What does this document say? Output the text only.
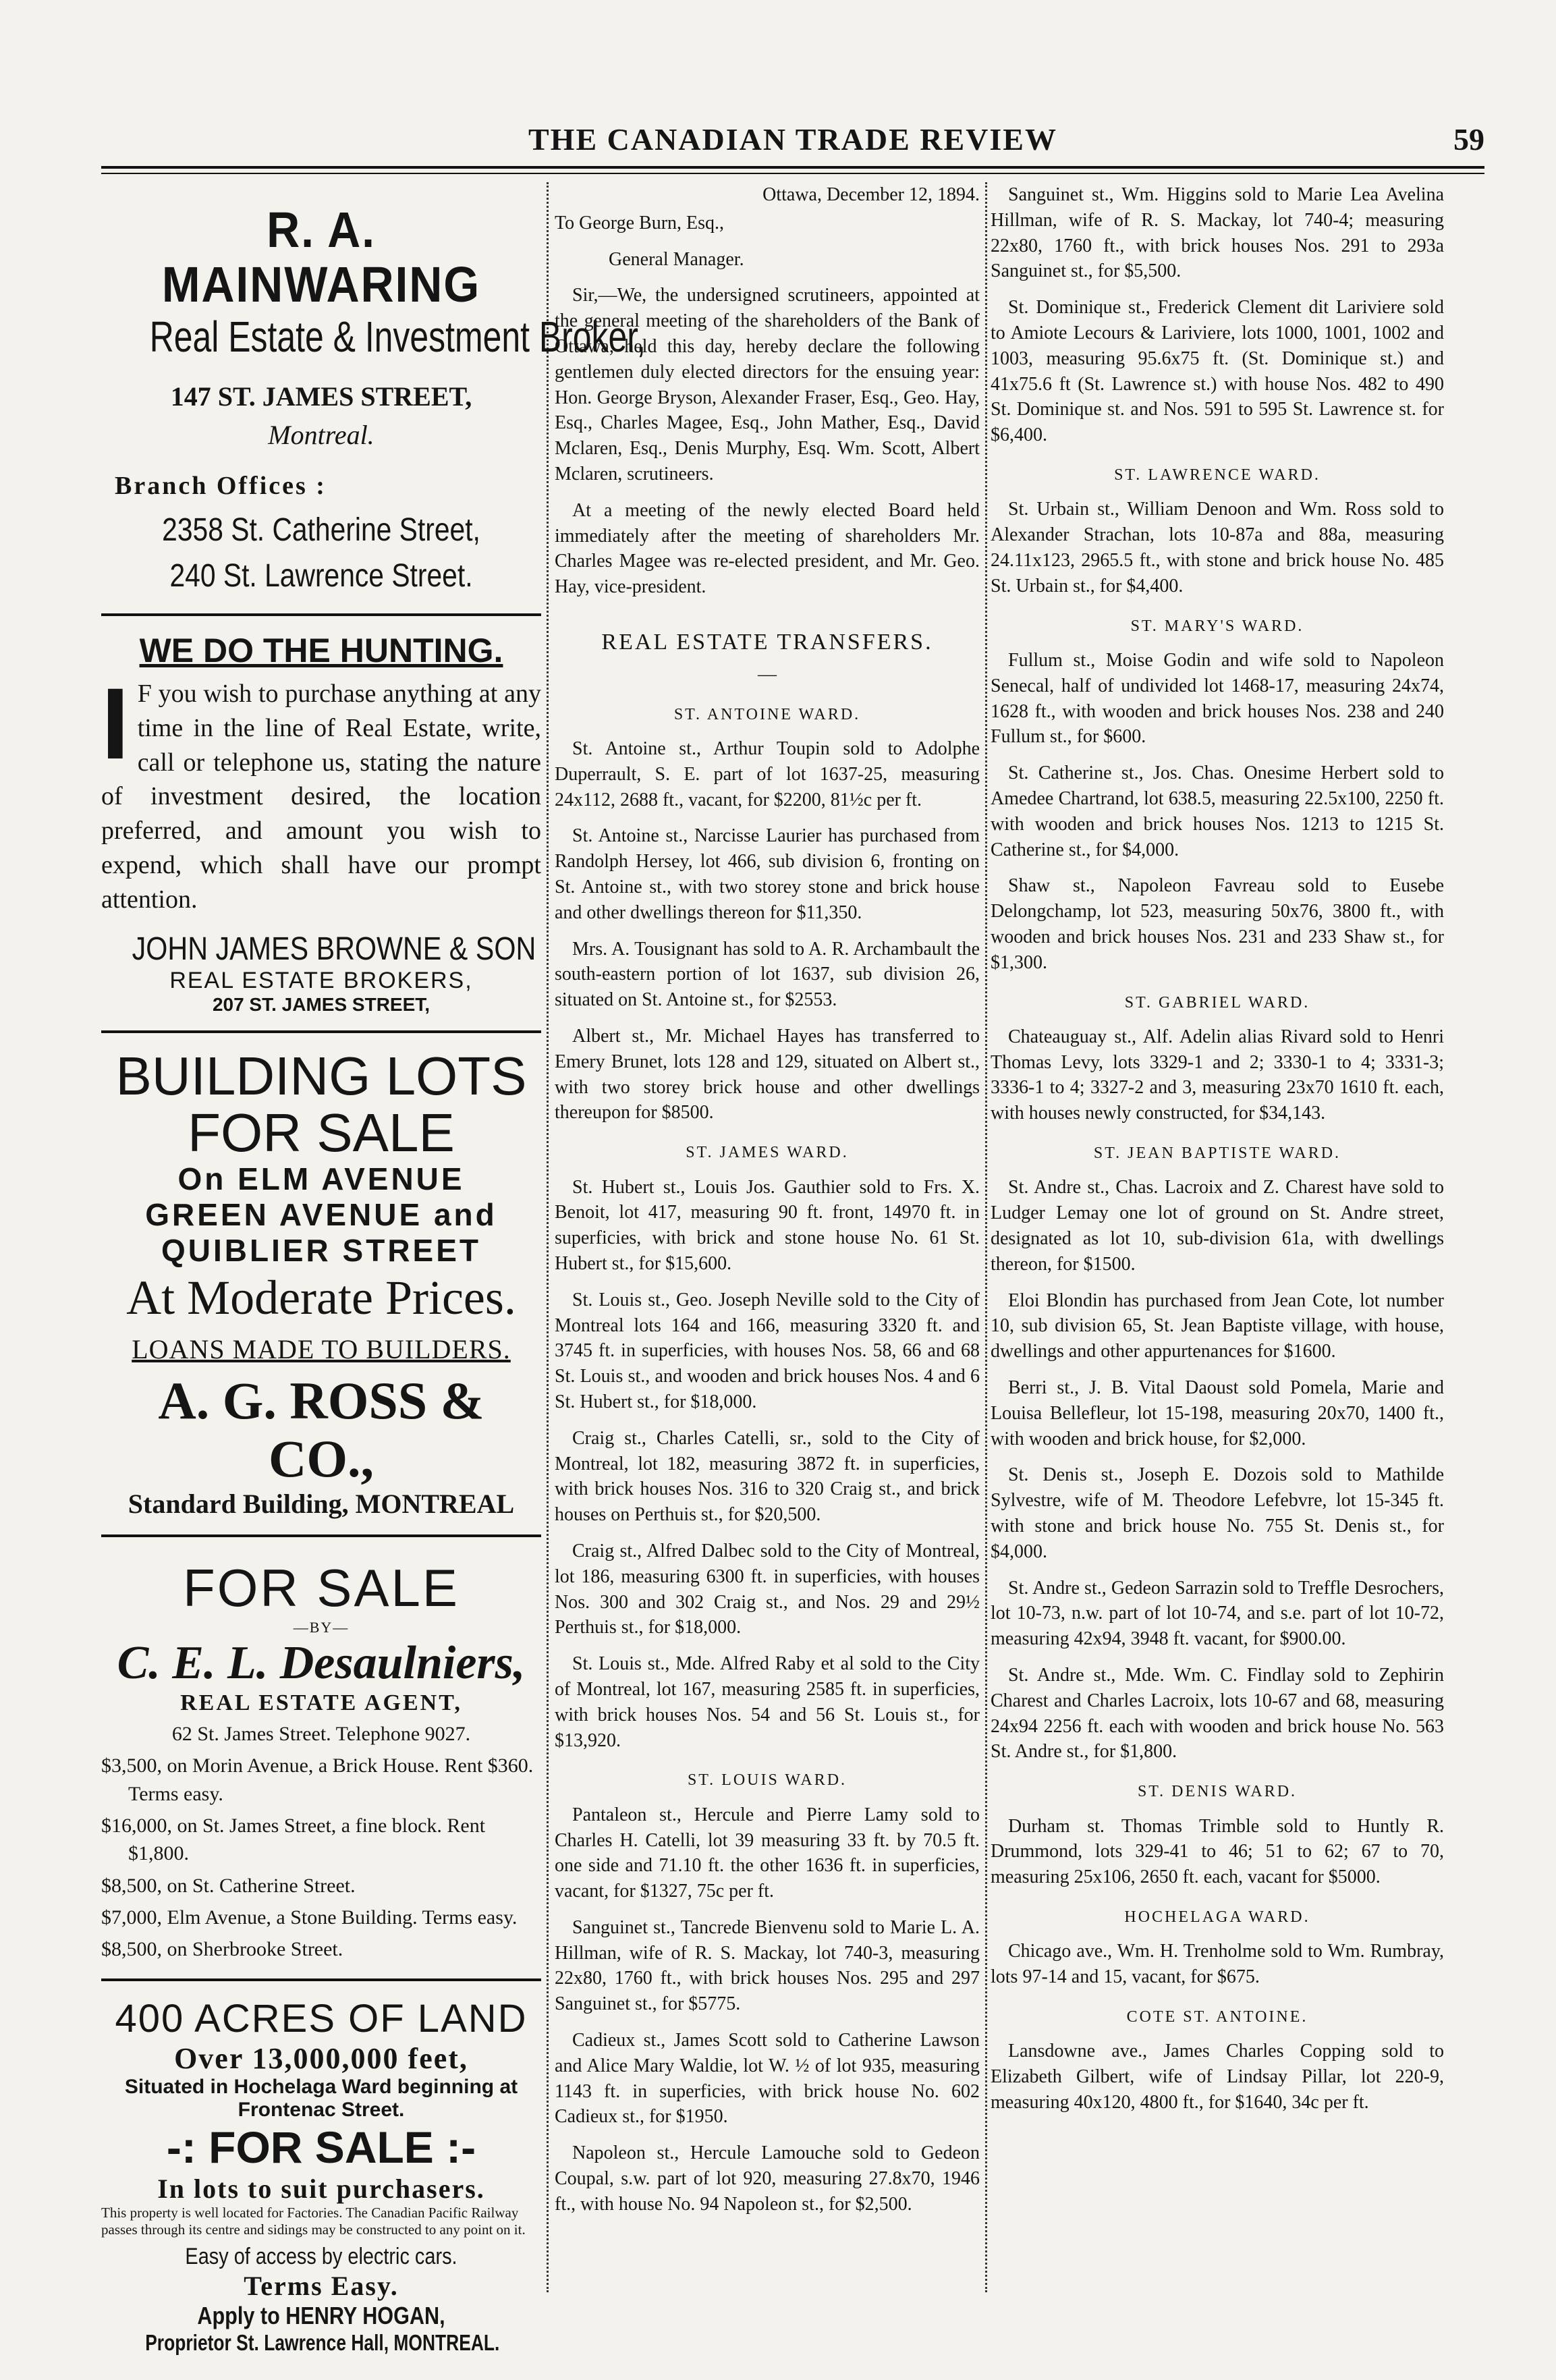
THE CANADIAN TRADE REVIEW	59
R. A. MAINWARING
Real Estate & Investment Broker,
147 ST. JAMES STREET,
Montreal.
Branch Offices :
2358 St. Catherine Street,
240 St. Lawrence Street.
WE DO THE HUNTING.
I F you wish to purchase anything at any time in the line of Real Estate, write, call or telephone us, stating the nature of investment desired, the location preferred, and amount you wish to expend, which shall have our prompt attention.
JOHN JAMES BROWNE & SON
REAL ESTATE BROKERS,
207 ST. JAMES STREET,
BUILDING LOTS
FOR SALE
On ELM AVENUE
GREEN AVENUE and
QUIBLIER STREET
At Moderate Prices.
LOANS MADE TO BUILDERS.
A. G. ROSS & CO.,
Standard Building, MONTREAL
FOR SALE
—BY—
C. E. L. Desaulniers,
REAL ESTATE AGENT,

62 St. James Street. Telephone 9027.

$3,500, on Morin Avenue, a Brick House. Rent $360. Terms easy.

$16,000, on St. James Street, a fine block. Rent $1,800.

$8,500, on St. Catherine Street.

$7,000, Elm Avenue, a Stone Building. Terms easy.

$8,500, on Sherbrooke Street.

400 ACRES OF LAND
Over 13,000,000 feet,
Situated in Hochelaga Ward beginning at Frontenac Street.
-: FOR SALE :-
In lots to suit purchasers.
This property is well located for Factories. The Canadian Pacific Railway passes through its centre and sidings may be constructed to any point on it.
Easy of access by electric cars.
Terms Easy.
Apply to HENRY HOGAN,
Proprietor St. Lawrence Hall, MONTREAL.

Ottawa, December 12, 1894.

To George Burn, Esq.,

General Manager.

Sir,—We, the undersigned scrutineers, appointed at the general meeting of the shareholders of the Bank of Ottawa, held this day, hereby declare the following gentlemen duly elected directors for the ensuing year: Hon. George Bryson, Alexander Fraser, Esq., Geo. Hay, Esq., Charles Magee, Esq., John Mather, Esq., David Mclaren, Esq., Denis Murphy, Esq. Wm. Scott, Albert Mclaren, scrutineers.

At a meeting of the newly elected Board held immediately after the meeting of shareholders Mr. Charles Magee was re-elected president, and Mr. Geo. Hay, vice-president.

REAL ESTATE TRANSFERS.

—

ST. ANTOINE WARD.

St. Antoine st., Arthur Toupin sold to Adolphe Duperrault, S. E. part of lot 1637-25, measuring 24x112, 2688 ft., vacant, for $2200, 81½c per ft.

St. Antoine st., Narcisse Laurier has purchased from Randolph Hersey, lot 466, sub division 6, fronting on St. Antoine st., with two storey stone and brick house and other dwellings thereon for $11,350.

Mrs. A. Tousignant has sold to A. R. Archambault the south-eastern portion of lot 1637, sub division 26, situated on St. Antoine st., for $2553.

Albert st., Mr. Michael Hayes has transferred to Emery Brunet, lots 128 and 129, situated on Albert st., with two storey brick house and other dwellings thereupon for $8500.

ST. JAMES WARD.

St. Hubert st., Louis Jos. Gauthier sold to Frs. X. Benoit, lot 417, measuring 90 ft. front, 14970 ft. in superficies, with brick and stone house No. 61 St. Hubert st., for $15,600.

St. Louis st., Geo. Joseph Neville sold to the City of Montreal lots 164 and 166, measuring 3320 ft. and 3745 ft. in superficies, with houses Nos. 58, 66 and 68 St. Louis st., and wooden and brick houses Nos. 4 and 6 St. Hubert st., for $18,000.

Craig st., Charles Catelli, sr., sold to the City of Montreal, lot 182, measuring 3872 ft. in superficies, with brick houses Nos. 316 to 320 Craig st., and brick houses on Perthuis st., for $20,500.

Craig st., Alfred Dalbec sold to the City of Montreal, lot 186, measuring 6300 ft. in superficies, with houses Nos. 300 and 302 Craig st., and Nos. 29 and 29½ Perthuis st., for $18,000.

St. Louis st., Mde. Alfred Raby et al sold to the City of Montreal, lot 167, measuring 2585 ft. in superficies, with brick houses Nos. 54 and 56 St. Louis st., for $13,920.

ST. LOUIS WARD.

Pantaleon st., Hercule and Pierre Lamy sold to Charles H. Catelli, lot 39 measuring 33 ft. by 70.5 ft. one side and 71.10 ft. the other 1636 ft. in superficies, vacant, for $1327, 75c per ft.

Sanguinet st., Tancrede Bienvenu sold to Marie L. A. Hillman, wife of R. S. Mackay, lot 740-3, measuring 22x80, 1760 ft., with brick houses Nos. 295 and 297 Sanguinet st., for $5775.

Cadieux st., James Scott sold to Catherine Lawson and Alice Mary Waldie, lot W. ½ of lot 935, measuring 1143 ft. in superficies, with brick house No. 602 Cadieux st., for $1950.

Napoleon st., Hercule Lamouche sold to Gedeon Coupal, s.w. part of lot 920, measuring 27.8x70, 1946 ft., with house No. 94 Napoleon st., for $2,500.

Sanguinet st., Wm. Higgins sold to Marie Lea Avelina Hillman, wife of R. S. Mackay, lot 740-4; measuring 22x80, 1760 ft., with brick houses Nos. 291 to 293a Sanguinet st., for $5,500.

St. Dominique st., Frederick Clement dit Lariviere sold to Amiote Lecours & Lariviere, lots 1000, 1001, 1002 and 1003, measuring 95.6x75 ft. (St. Dominique st.) and 41x75.6 ft (St. Lawrence st.) with house Nos. 482 to 490 St. Dominique st. and Nos. 591 to 595 St. Lawrence st. for $6,400.

ST. LAWRENCE WARD.

St. Urbain st., William Denoon and Wm. Ross sold to Alexander Strachan, lots 10-87a and 88a, measuring 24.11x123, 2965.5 ft., with stone and brick house No. 485 St. Urbain st., for $4,400.

ST. MARY'S WARD.

Fullum st., Moise Godin and wife sold to Napoleon Senecal, half of undivided lot 1468-17, measuring 24x74, 1628 ft., with wooden and brick houses Nos. 238 and 240 Fullum st., for $600.

St. Catherine st., Jos. Chas. Onesime Herbert sold to Amedee Chartrand, lot 638.5, measuring 22.5x100, 2250 ft. with wooden and brick houses Nos. 1213 to 1215 St. Catherine st., for $4,000.

Shaw st., Napoleon Favreau sold to Eusebe Delongchamp, lot 523, measuring 50x76, 3800 ft., with wooden and brick houses Nos. 231 and 233 Shaw st., for $1,300.

ST. GABRIEL WARD.

Chateauguay st., Alf. Adelin alias Rivard sold to Henri Thomas Levy, lots 3329-1 and 2; 3330-1 to 4; 3331-3; 3336-1 to 4; 3327-2 and 3, measuring 23x70 1610 ft. each, with houses newly constructed, for $34,143.

ST. JEAN BAPTISTE WARD.

St. Andre st., Chas. Lacroix and Z. Charest have sold to Ludger Lemay one lot of ground on St. Andre street, designated as lot 10, sub-division 61a, with dwellings thereon, for $1500.

Eloi Blondin has purchased from Jean Cote, lot number 10, sub division 65, St. Jean Baptiste village, with house, dwellings and other appurtenances for $1600.

Berri st., J. B. Vital Daoust sold Pomela, Marie and Louisa Bellefleur, lot 15-198, measuring 20x70, 1400 ft., with wooden and brick house, for $2,000.

St. Denis st., Joseph E. Dozois sold to Mathilde Sylvestre, wife of M. Theodore Lefebvre, lot 15-345 ft. with stone and brick house No. 755 St. Denis st., for $4,000.

St. Andre st., Gedeon Sarrazin sold to Treffle Desrochers, lot 10-73, n.w. part of lot 10-74, and s.e. part of lot 10-72, measuring 42x94, 3948 ft. vacant, for $900.00.

St. Andre st., Mde. Wm. C. Findlay sold to Zephirin Charest and Charles Lacroix, lots 10-67 and 68, measuring 24x94 2256 ft. each with wooden and brick house No. 563 St. Andre st., for $1,800.

ST. DENIS WARD.

Durham st. Thomas Trimble sold to Huntly R. Drummond, lots 329-41 to 46; 51 to 62; 67 to 70, measuring 25x106, 2650 ft. each, vacant for $5000.

HOCHELAGA WARD.

Chicago ave., Wm. H. Trenholme sold to Wm. Rumbray, lots 97-14 and 15, vacant, for $675.

COTE ST. ANTOINE.

Lansdowne ave., James Charles Copping sold to Elizabeth Gilbert, wife of Lindsay Pillar, lot 220-9, measuring 40x120, 4800 ft., for $1640, 34c per ft.
